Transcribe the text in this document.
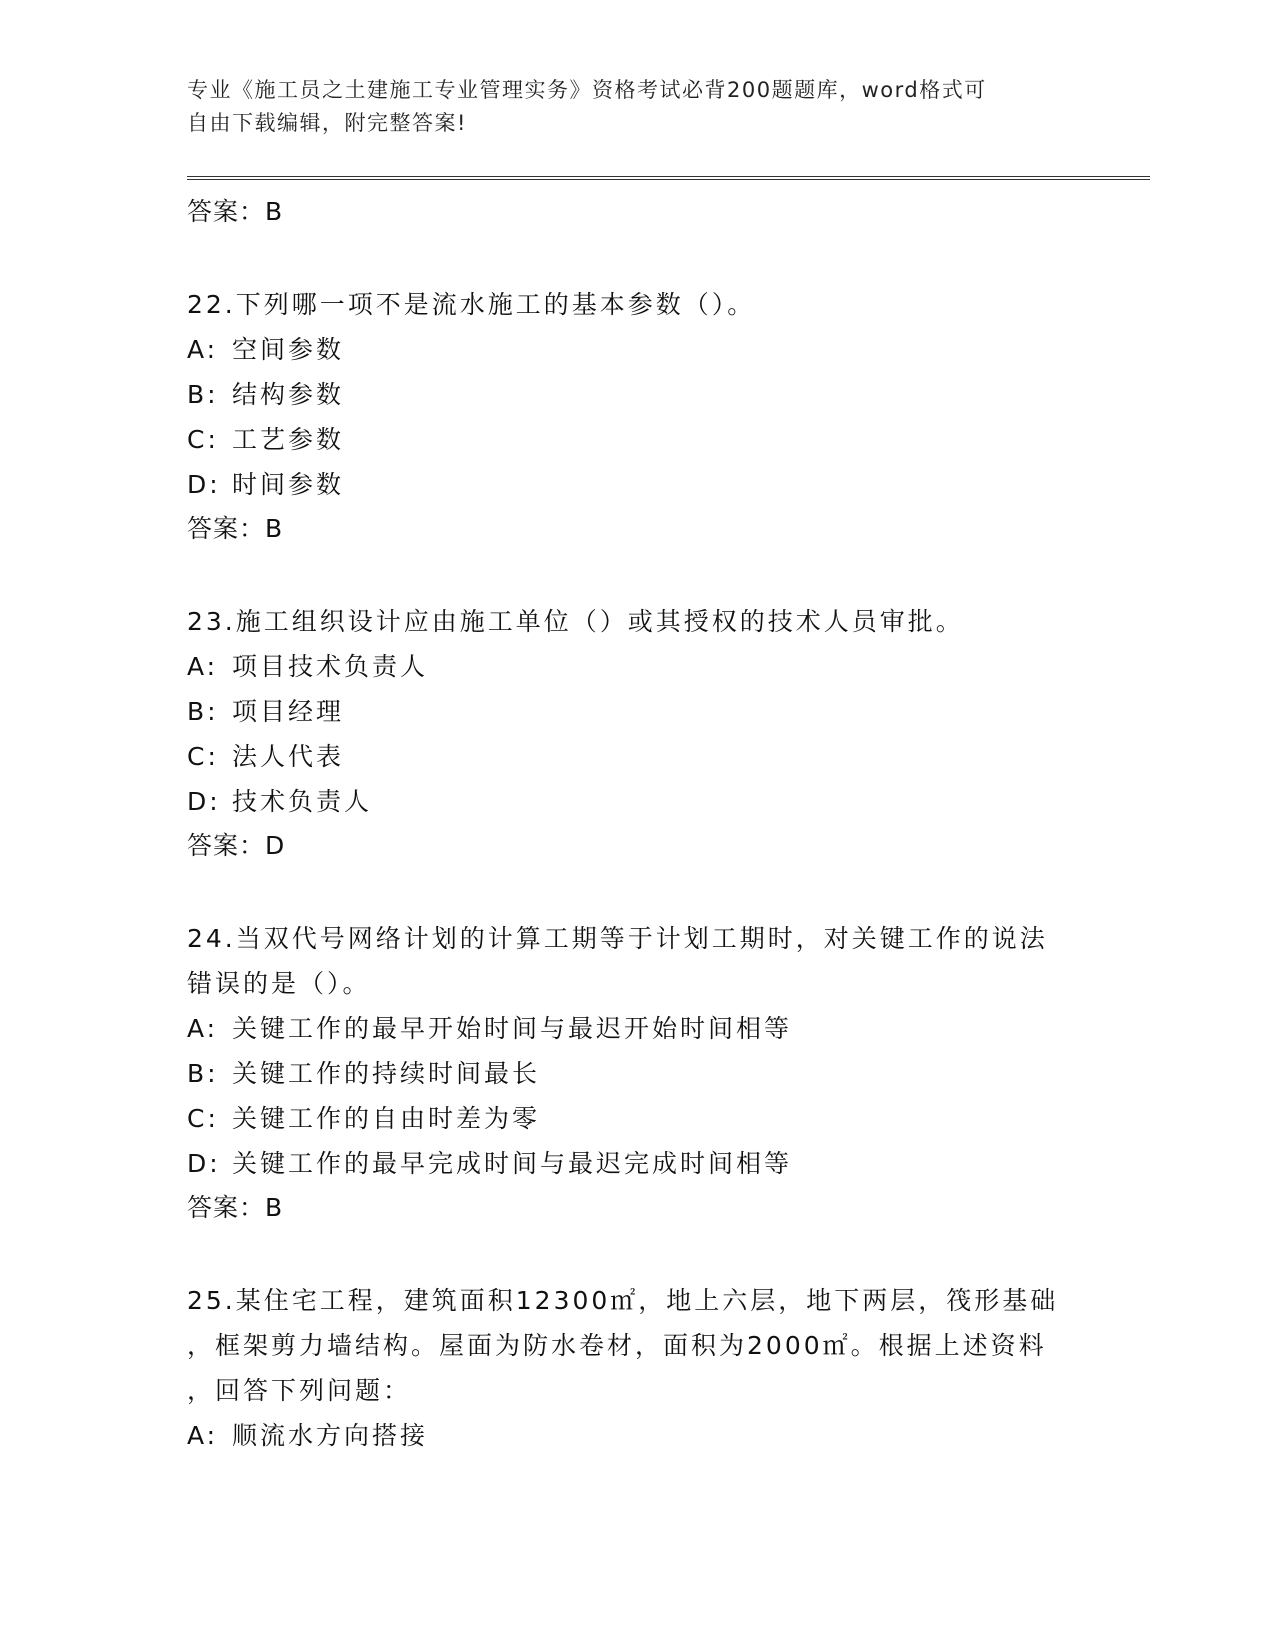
专业《施工员之土建施工专业管理实务》资格考试必背200题题库，word格式可
自由下载编辑，附完整答案!
答案：B
22.下列哪一项不是流水施工的基本参数（）。
A: 空间参数
B: 结构参数
C: 工艺参数
D: 时间参数
答案：B
23.施工组织设计应由施工单位（）或其授权的技术人员审批。
A: 项目技术负责人
B: 项目经理
C: 法人代表
D: 技术负责人
答案：D
24.当双代号网络计划的计算工期等于计划工期时，对关键工作的说法
错误的是（）。
A: 关键工作的最早开始时间与最迟开始时间相等
B: 关键工作的持续时间最长
C: 关键工作的自由时差为零
D: 关键工作的最早完成时间与最迟完成时间相等
答案：B
25.某住宅工程，建筑面积12300㎡，地上六层，地下两层，筏形基础
，框架剪力墙结构。屋面为防水卷材，面积为2000㎡。根据上述资料
，回答下列问题：
A: 顺流水方向搭接
